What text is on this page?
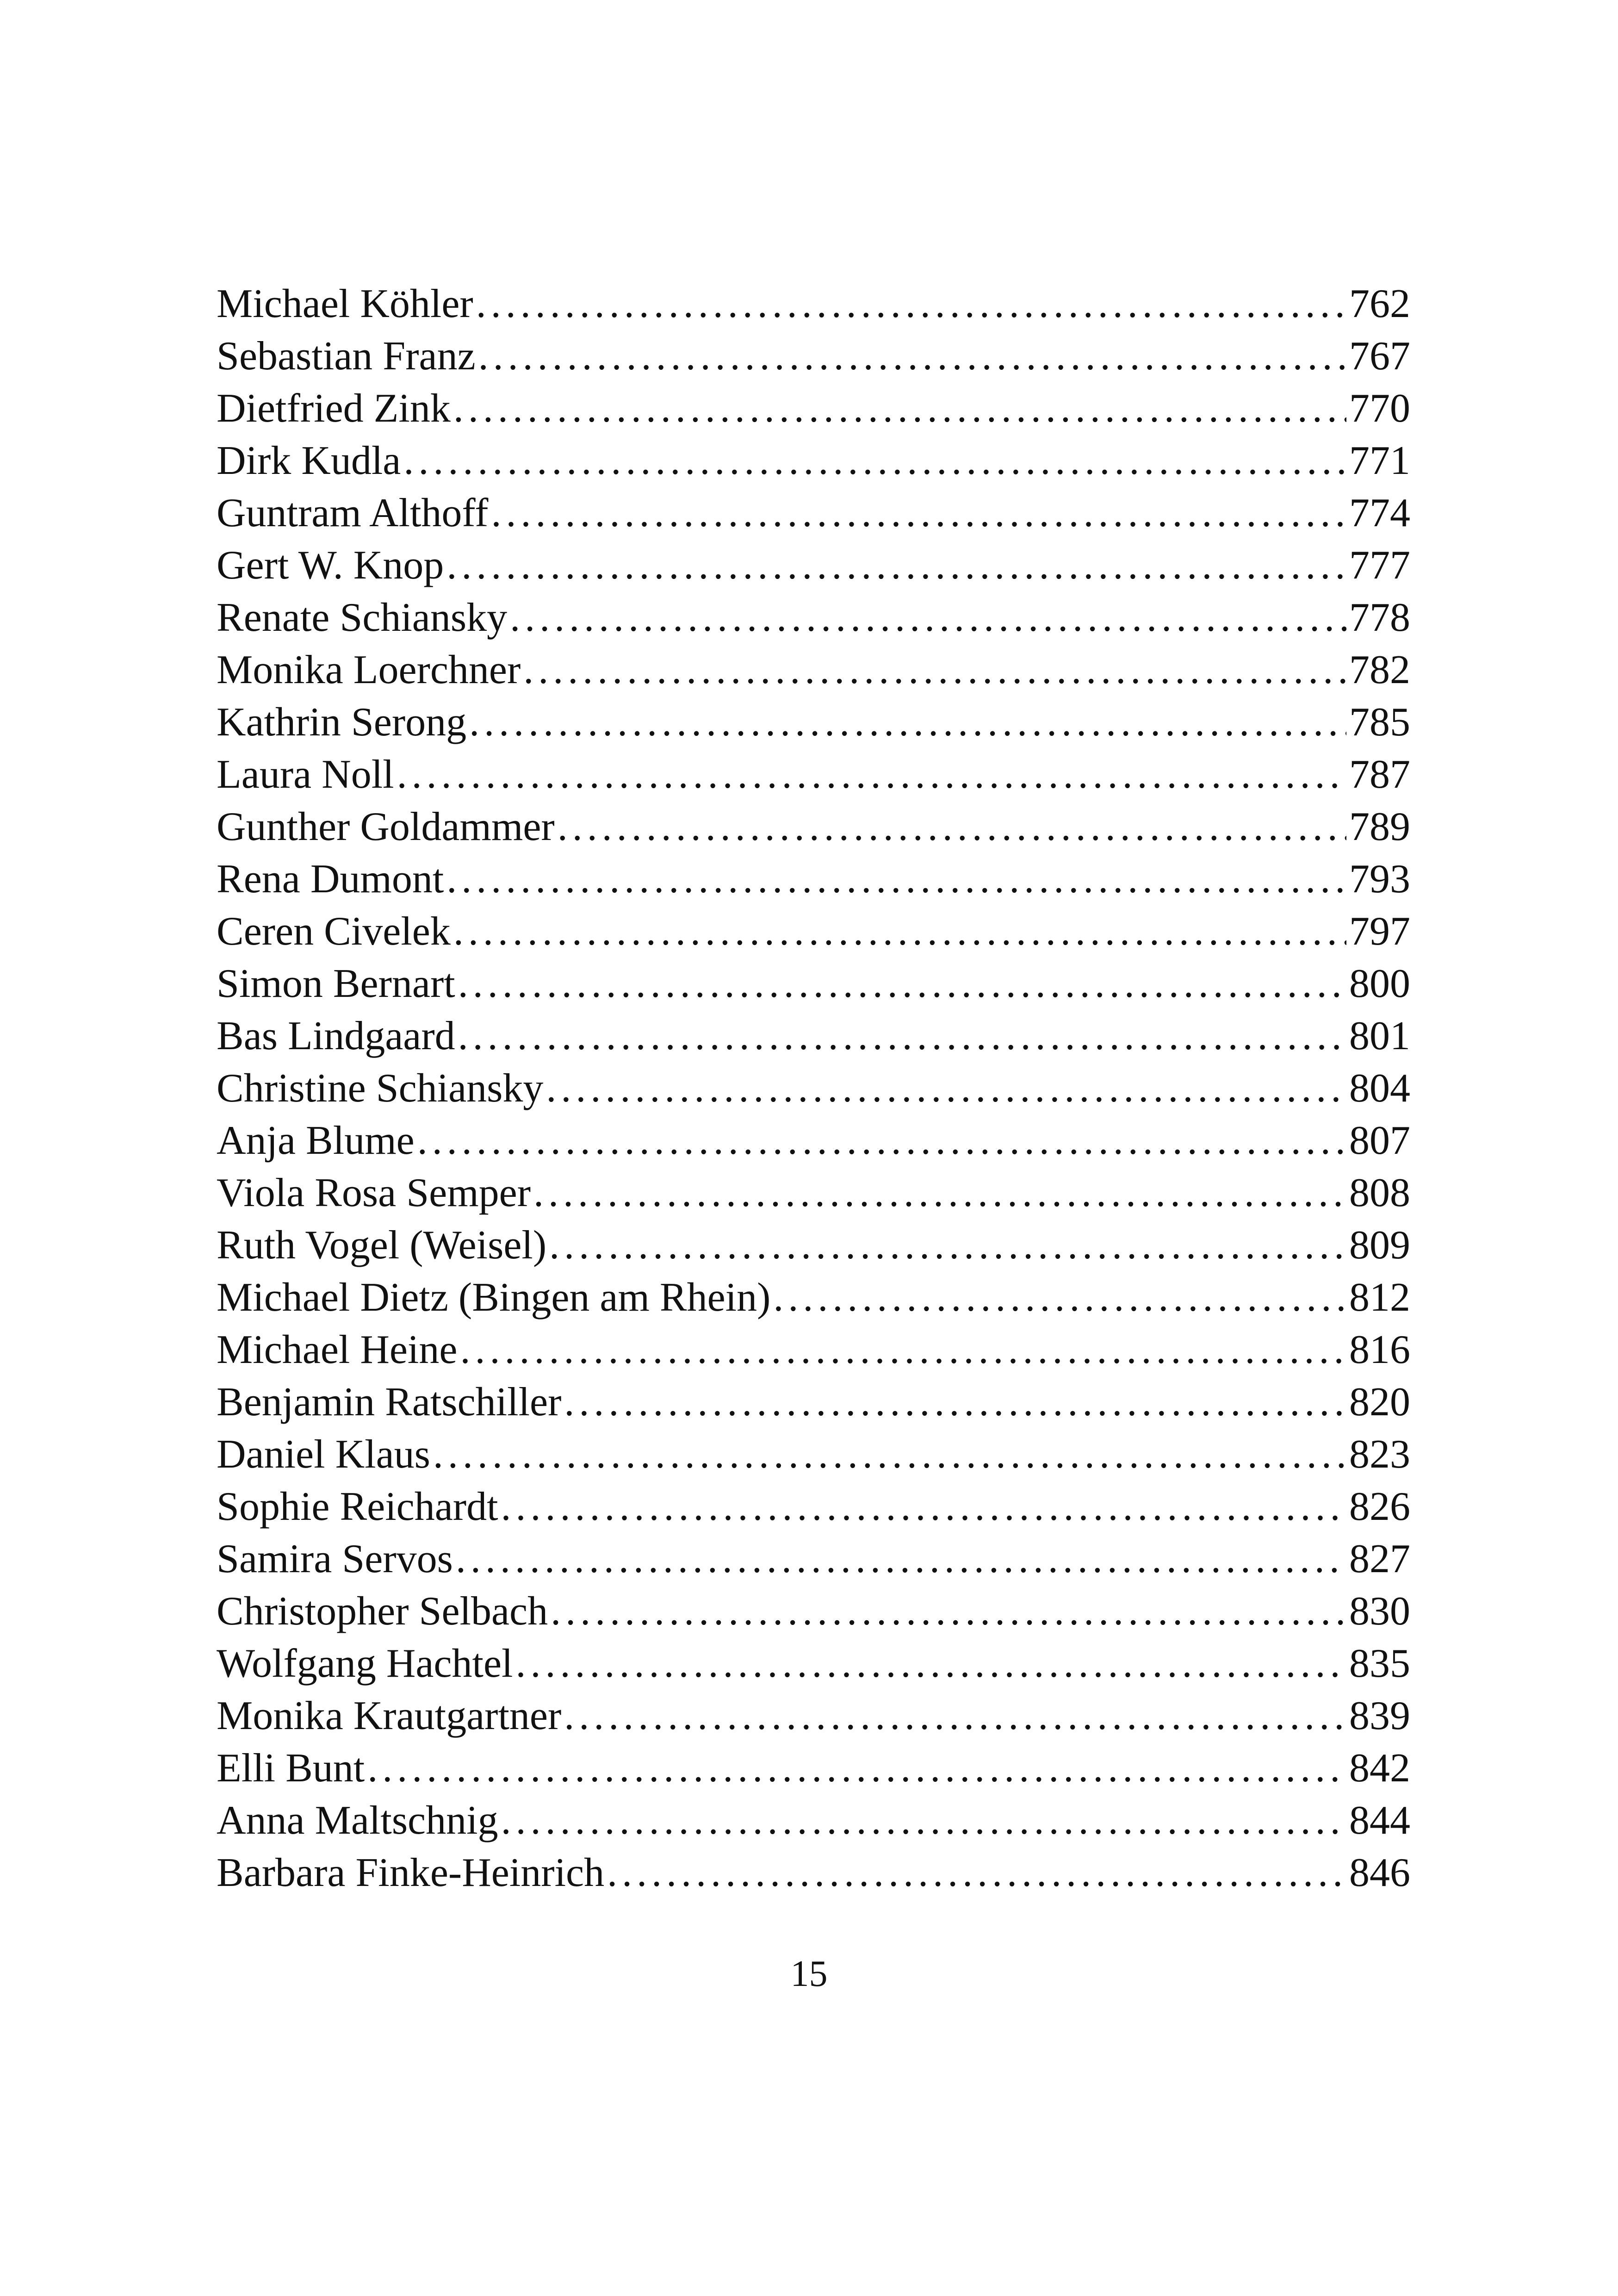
Michael Köhler . . .	762
Sebastian Franz . . .	767
Dietfried Zink . . .	770
Dirk Kudla . . .	771
Guntram Althoff . . .	774
Gert W. Knop . . .	777
Renate Schiansky . . .	778
Monika Loerchner . . .	782
Kathrin Serong . . .	785
Laura Noll . . .	787
Gunther Goldammer . . .	789
Rena Dumont . . .	793
Ceren Civelek . . .	797
Simon Bernart . . .	800
Bas Lindgaard . . .	801
Christine Schiansky . . .	804
Anja Blume . . .	807
Viola Rosa Semper . . .	808
Ruth Vogel (Weisel) . . .	809
Michael Dietz (Bingen am Rhein) . . .	812
Michael Heine . . .	816
Benjamin Ratschiller . . .	820
Daniel Klaus . . .	823
Sophie Reichardt . . .	826
Samira Servos . . .	827
Christopher Selbach . . .	830
Wolfgang Hachtel . . .	835
Monika Krautgartner . . .	839
Elli Bunt . . .	842
Anna Maltschnig . . .	844
Barbara Finke-Heinrich . . .	846
15
